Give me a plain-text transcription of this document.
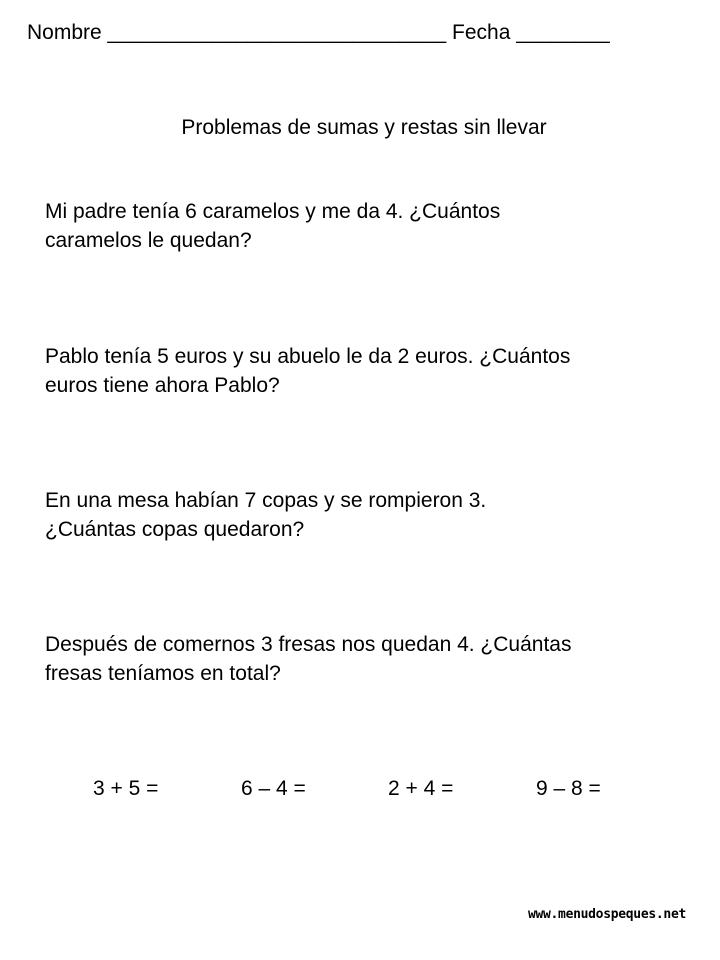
Nombre _____________________________ Fecha ________
Problemas de sumas y restas sin llevar
Mi padre tenía 6 caramelos y me da 4. ¿Cuántos
caramelos le quedan?
Pablo tenía 5 euros y su abuelo le da 2 euros. ¿Cuántos
euros tiene ahora Pablo?
En una mesa habían 7 copas y se rompieron 3.
¿Cuántas copas quedaron?
Después de comernos 3 fresas nos quedan 4. ¿Cuántas
fresas teníamos en total?
3 + 5 =	6 – 4 =	2 + 4 =	9 – 8 =
www.menudospeques.net
